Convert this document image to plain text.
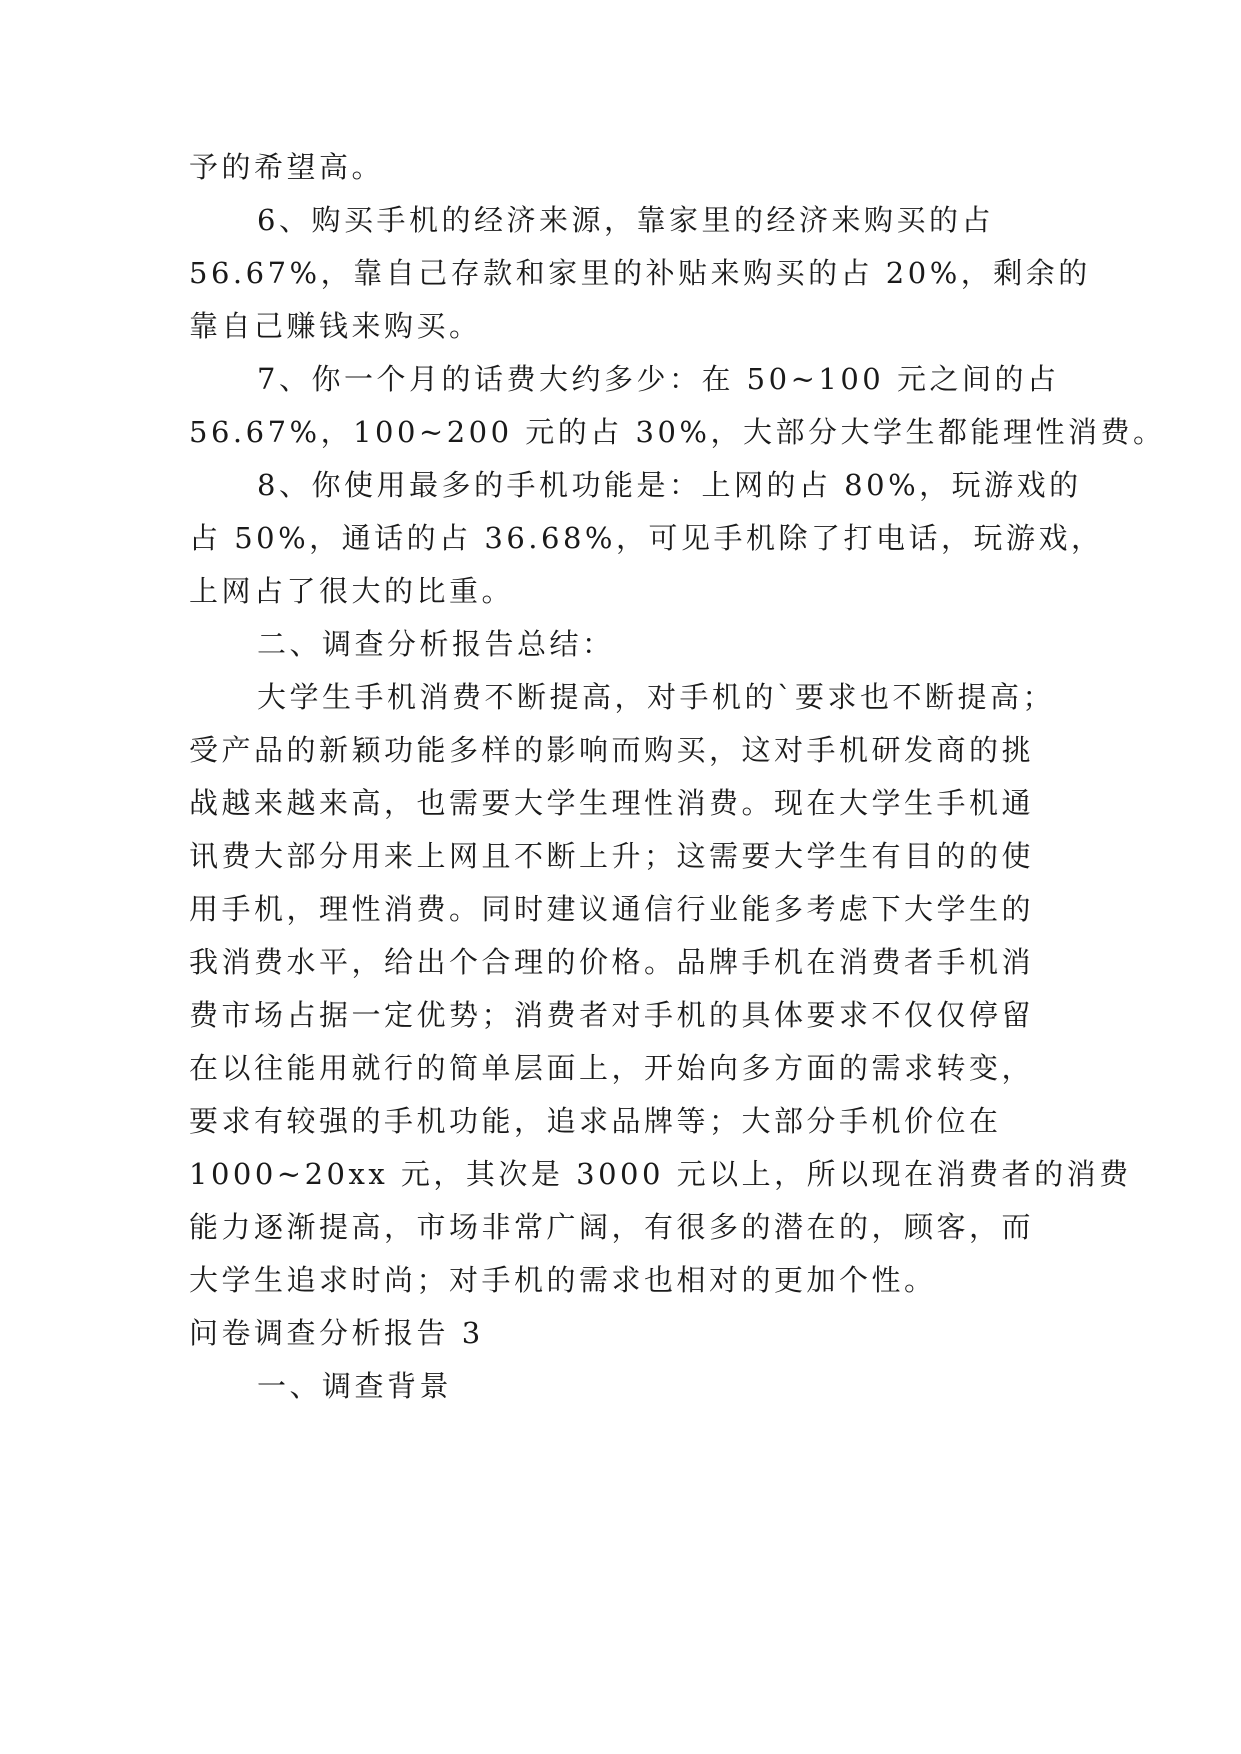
予的希望高。
6、购买手机的经济来源，靠家里的经济来购买的占
56.67%，靠自己存款和家里的补贴来购买的占 20%，剩余的
靠自己赚钱来购买。
7、你一个月的话费大约多少：在 50~100 元之间的占
56.67%，100~200 元的占 30%，大部分大学生都能理性消费。
8、你使用最多的手机功能是：上网的占 80%，玩游戏的
占 50%，通话的占 36.68%，可见手机除了打电话，玩游戏，
上网占了很大的比重。
二、调查分析报告总结：
大学生手机消费不断提高，对手机的`要求也不断提高；
受产品的新颖功能多样的影响而购买，这对手机研发商的挑
战越来越来高，也需要大学生理性消费。现在大学生手机通
讯费大部分用来上网且不断上升；这需要大学生有目的的使
用手机，理性消费。同时建议通信行业能多考虑下大学生的
我消费水平，给出个合理的价格。品牌手机在消费者手机消
费市场占据一定优势；消费者对手机的具体要求不仅仅停留
在以往能用就行的简单层面上，开始向多方面的需求转变，
要求有较强的手机功能，追求品牌等；大部分手机价位在
1000~20xx 元，其次是 3000 元以上，所以现在消费者的消费
能力逐渐提高，市场非常广阔，有很多的潜在的，顾客，而
大学生追求时尚；对手机的需求也相对的更加个性。
问卷调查分析报告 3
一、调查背景
